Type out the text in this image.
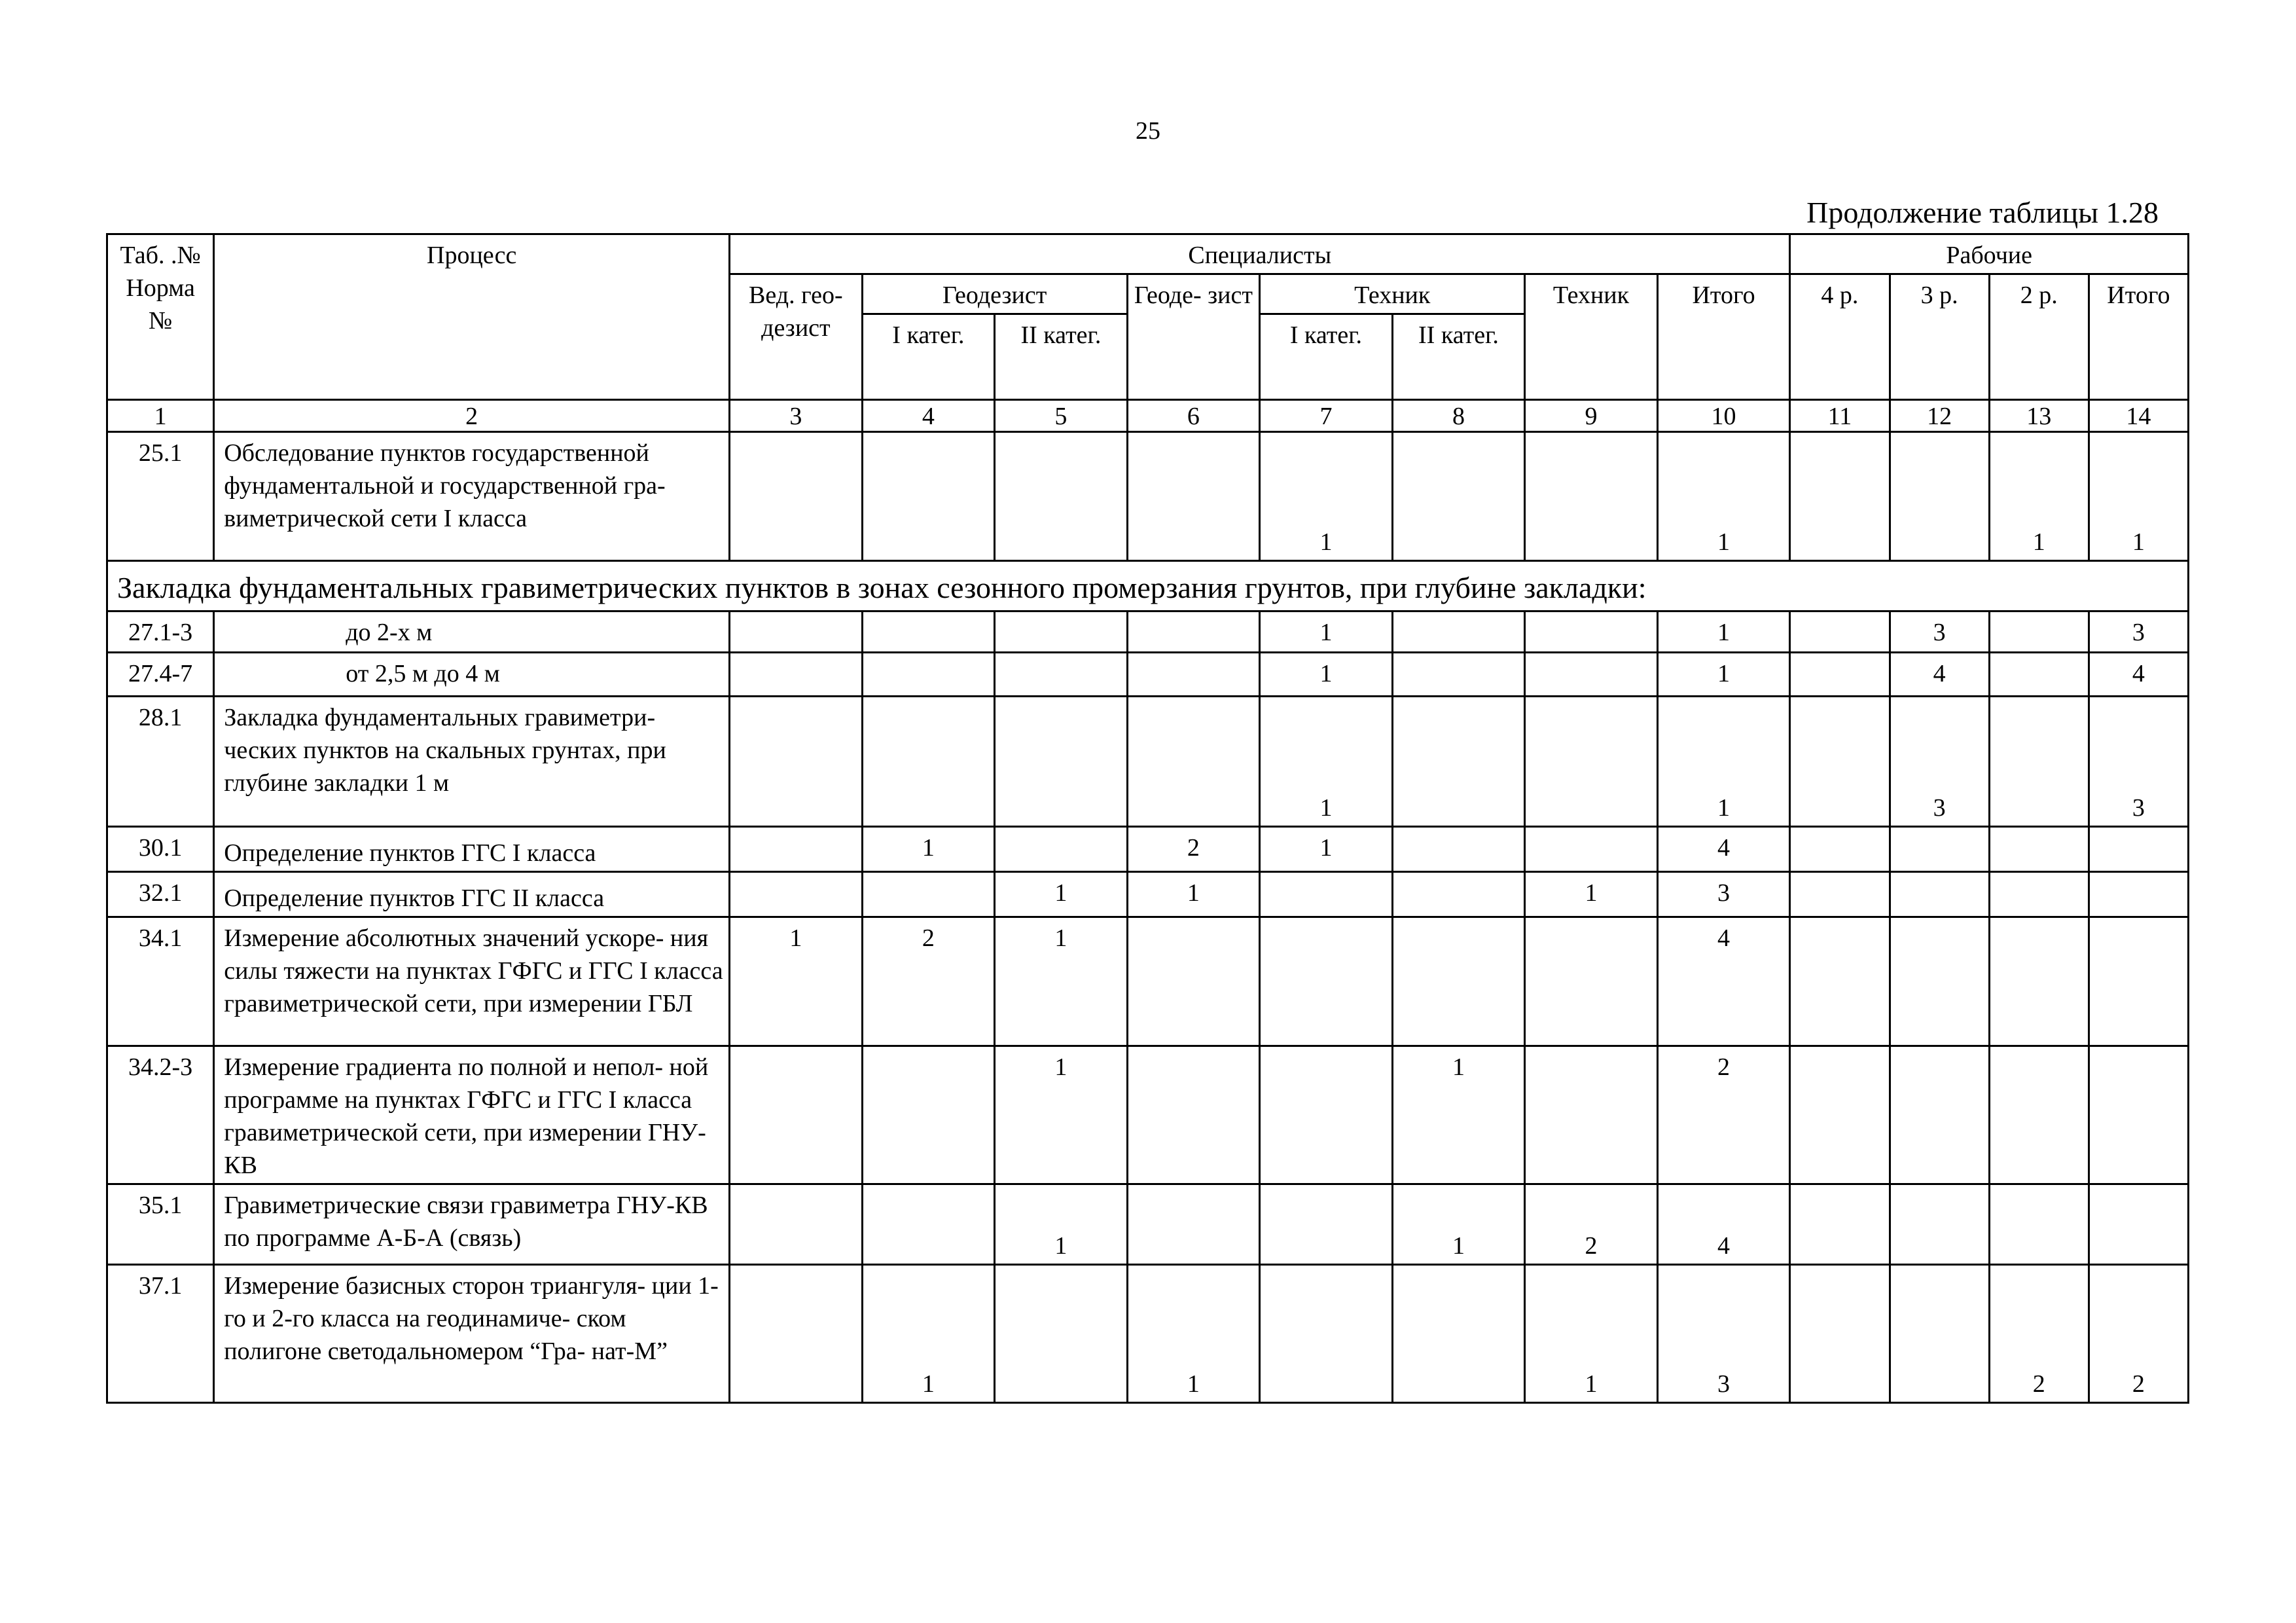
25
Продолжение таблицы 1.28
Таб. .№ Норма №	Процесс	Специалисты								Рабочие			
		Вед. гео- дезист	Геодезист		Геоде- зист	Техник		Техник	Итого	4 р.	3 р.	2 р.	Итого
			I катег.	II катег.		I катег.	II катег.						
1	2	3	4	5	6	7	8	9	10	11	12	13	14
25.1	Обследование пунктов государственной фундаментальной и государственной гра- виметрической сети I класса					1			1			1	1
Закладка фундаментальных гравиметрических пунктов в зонах сезонного промерзания грунтов, при глубине закладки:													
27.1-3	до 2-х м					1			1		3		3
27.4-7	от 2,5 м до 4 м					1			1		4		4
28.1	Закладка фундаментальных гравиметри- ческих пунктов на скальных грунтах, при глубине закладки 1 м					1			1		3		3
30.1	Определение пунктов ГГС I класса		1		2	1			4				
32.1	Определение пунктов ГГС II класса			1	1			1	3				
34.1	Измерение абсолютных значений ускоре- ния силы тяжести на пунктах ГФГС и ГГС I класса гравиметрической сети, при измерении ГБЛ	1	2	1					4				
34.2-3	Измерение градиента по полной и непол- ной программе на пунктах ГФГС и ГГС I класса гравиметрической сети, при измерении ГНУ-КВ			1			1		2				
35.1	Гравиметрические связи гравиметра ГНУ-КВ по программе А-Б-А (связь)			1			1	2	4				
37.1	Измерение базисных сторон триангуля- ции 1-го и 2-го класса на геодинамиче- ском полигоне светодальномером “Гра- нат-М”		1		1			1	3			2	2
